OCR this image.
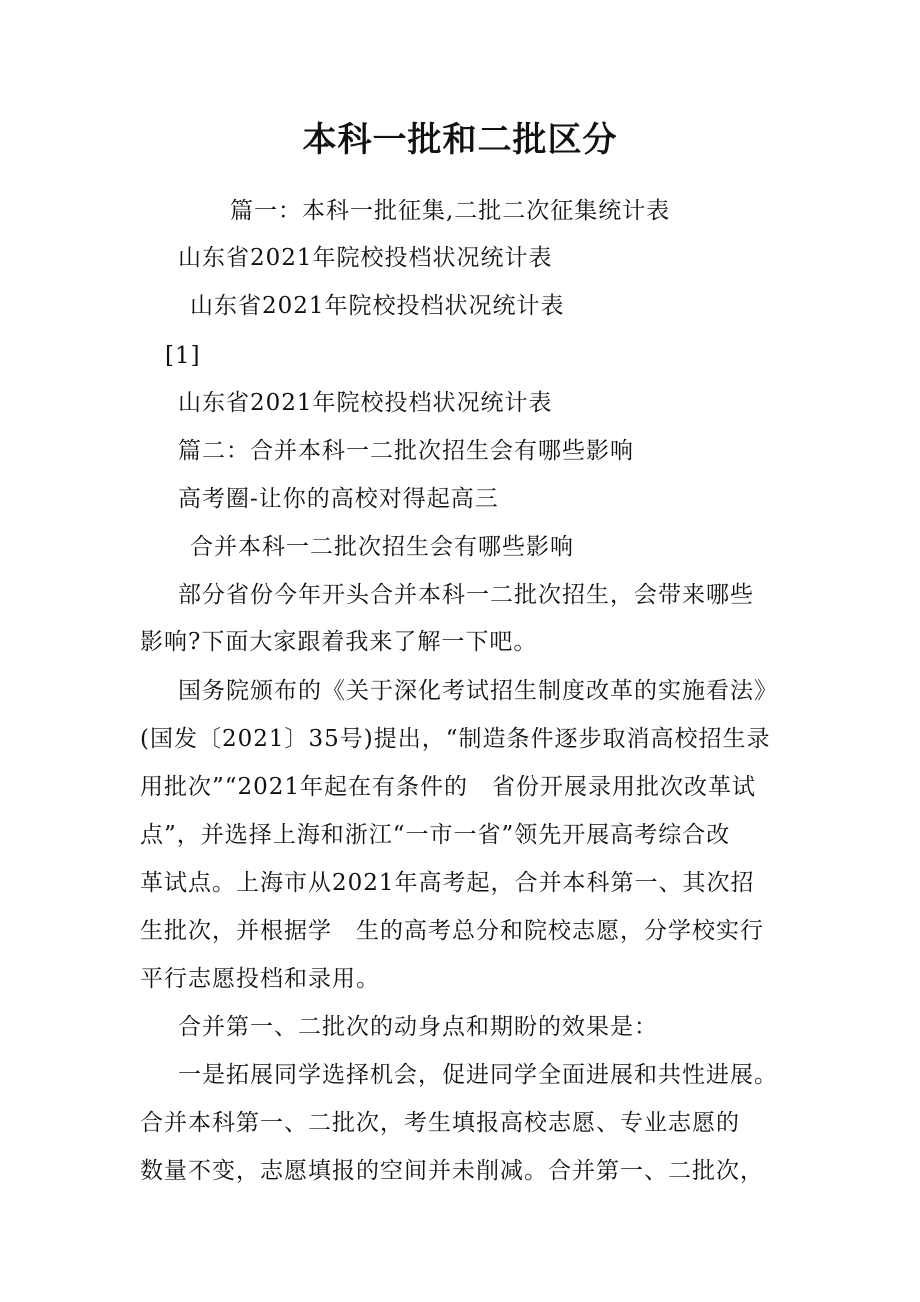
本科一批和二批区分
篇一：本科一批征集,二批二次征集统计表
山东省2021年院校投档状况统计表
山东省2021年院校投档状况统计表
[1]
山东省2021年院校投档状况统计表
篇二：合并本科一二批次招生会有哪些影响
高考圈-让你的高校对得起高三
合并本科一二批次招生会有哪些影响
部分省份今年开头合并本科一二批次招生，会带来哪些
影响?下面大家跟着我来了解一下吧。
国务院颁布的《关于深化考试招生制度改革的实施看法》
(国发〔2021〕35号)提出，“制造条件逐步取消高校招生录
用批次”“2021年起在有条件的　省份开展录用批次改革试
点”，并选择上海和浙江“一市一省”领先开展高考综合改
革试点。上海市从2021年高考起，合并本科第一、其次招
生批次，并根据学　生的高考总分和院校志愿，分学校实行
平行志愿投档和录用。
合并第一、二批次的动身点和期盼的效果是：
一是拓展同学选择机会，促进同学全面进展和共性进展。
合并本科第一、二批次，考生填报高校志愿、专业志愿的
数量不变，志愿填报的空间并未削减。合并第一、二批次，
